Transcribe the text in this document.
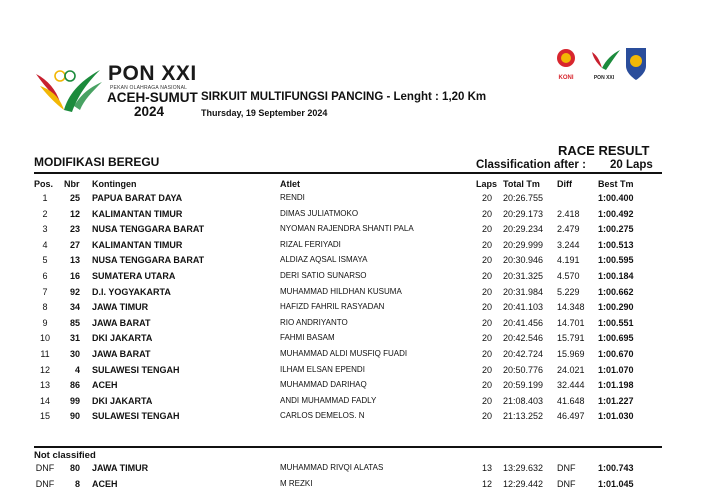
PON XXI
PEKAN OLAHRAGA NASIONAL
ACEH-SUMUT
2024
SIRKUIT MULTIFUNGSI PANCING - Lenght : 1,20 Km
Thursday, 19 September 2024
KONI	PON XXI
RACE RESULT
Classification after : 20 Laps
MODIFIKASI BEREGU
Pos. Nbr Kontingen	Atlet	Laps Total Tm Diff	Best Tm
1	25 PAPUA BARAT DAYA	RENDI	20 20:26.755	1:00.400
2	12 KALIMANTAN TIMUR	DIMAS JULIATMOKO	20 20:29.173 2.418 1:00.492
3	23 NUSA TENGGARA BARAT	NYOMAN RAJENDRA SHANTI PALA	20 20:29.234 2.479 1:00.275
4	27 KALIMANTAN TIMUR	RIZAL FERIYADI	20 20:29.999 3.244 1:00.513
5	13 NUSA TENGGARA BARAT	ALDIAZ AQSAL ISMAYA	20 20:30.946 4.191 1:00.595
6	16 SUMATERA UTARA	DERI SATIO SUNARSO	20 20:31.325 4.570 1:00.184
7	92 D.I. YOGYAKARTA	MUHAMMAD HILDHAN KUSUMA	20 20:31.984 5.229 1:00.662
8	34 JAWA TIMUR	HAFIZD FAHRIL RASYADAN	20 20:41.103 14.348 1:00.290
9	85 JAWA BARAT	RIO ANDRIYANTO	20 20:41.456 14.701 1:00.551
10	31 DKI JAKARTA	FAHMI BASAM	20 20:42.546 15.791 1:00.695
11	30 JAWA BARAT	MUHAMMAD ALDI MUSFIQ FUADI	20 20:42.724 15.969 1:00.670
12	4 SULAWESI TENGAH	ILHAM ELSAN EPENDI	20 20:50.776 24.021 1:01.070
13	86 ACEH	MUHAMMAD DARIHAQ	20 20:59.199 32.444 1:01.198
14	99 DKI JAKARTA	ANDI MUHAMMAD FADLY	20 21:08.403 41.648 1:01.227
15	90 SULAWESI TENGAH	CARLOS DEMELOS. N	20 21:13.252 46.497 1:01.030
Not classified
DNF	80 JAWA TIMUR	MUHAMMAD RIVQI ALATAS	13 13:29.632 DNF	1:00.743
DNF	8 ACEH	M REZKI	12 12:29.442 DNF	1:01.045
